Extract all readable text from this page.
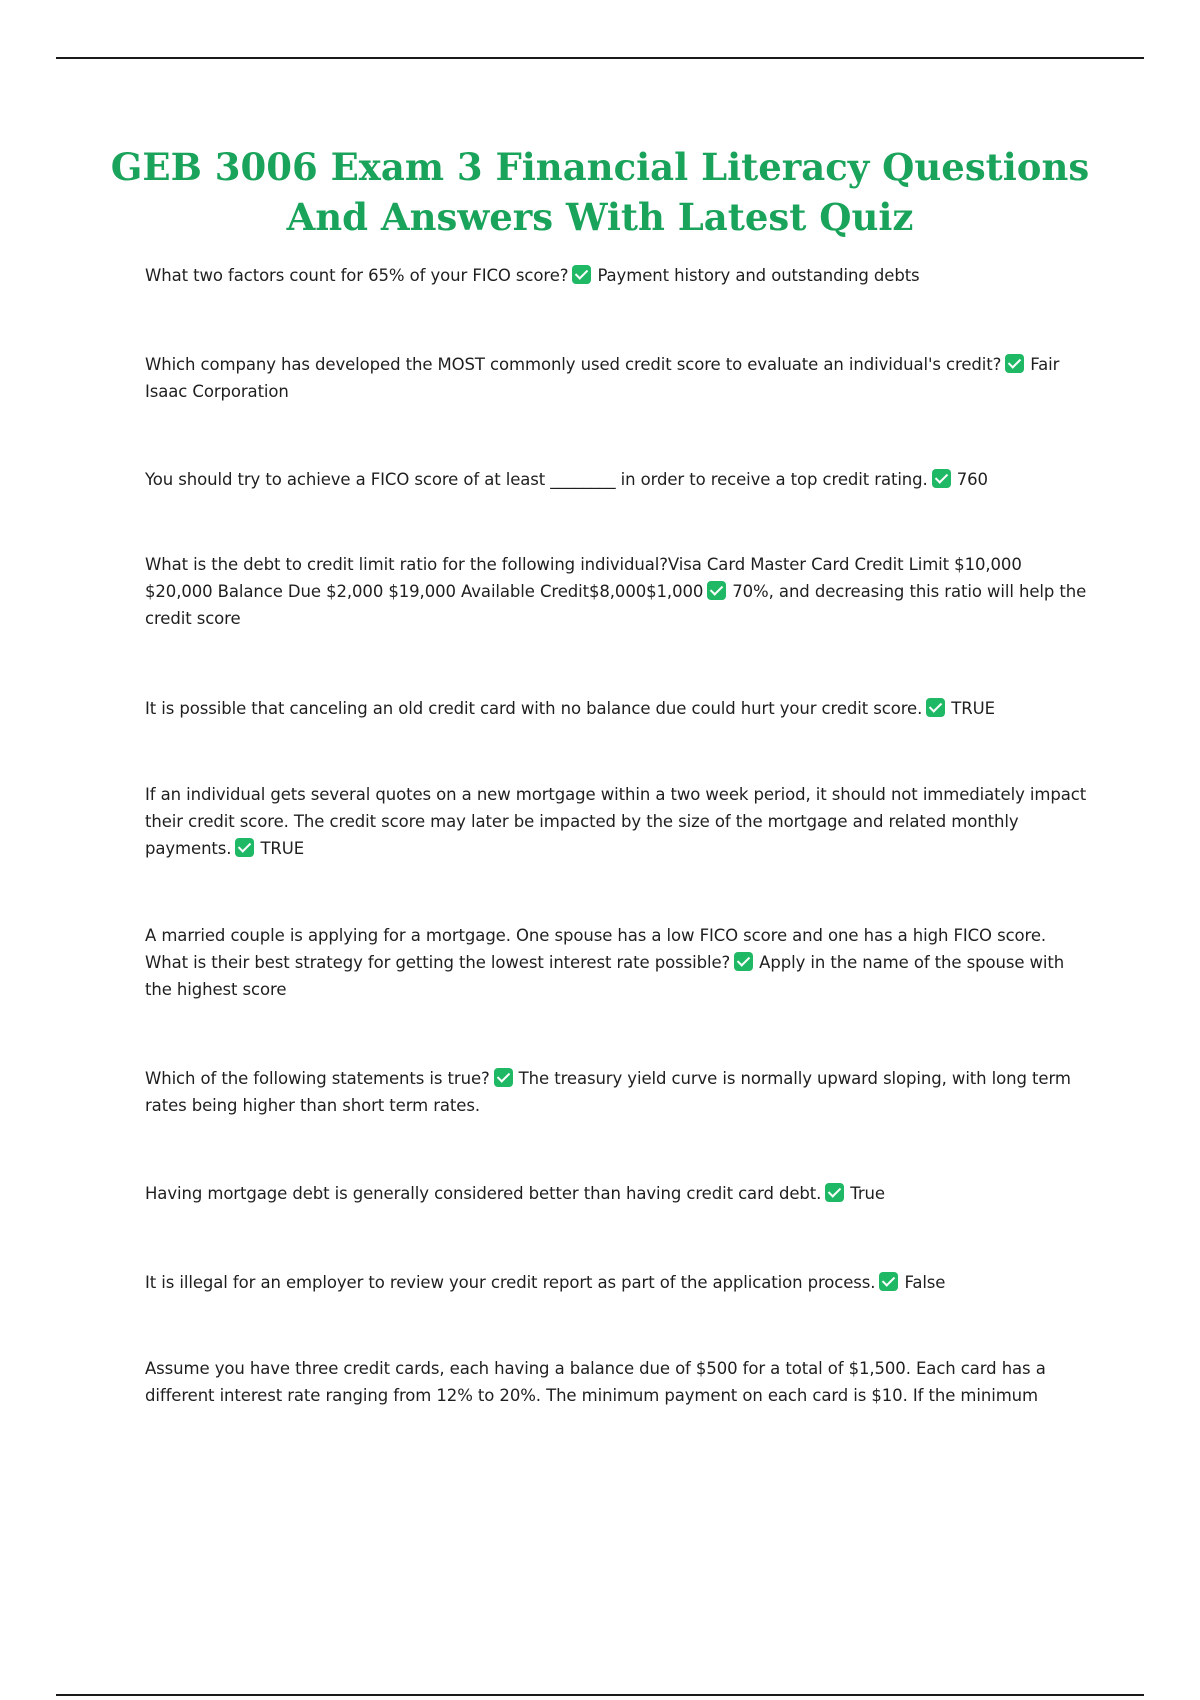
GEB 3006 Exam 3 Financial Literacy Questions And Answers With Latest Quiz

What two factors count for 65% of your FICO score? Payment history and outstanding debts

Which company has developed the MOST commonly used credit score to evaluate an individual's credit? Fair Isaac Corporation

You should try to achieve a FICO score of at least ________ in order to receive a top credit rating. 760

What is the debt to credit limit ratio for the following individual?Visa Card Master Card Credit Limit $10,000 $20,000 Balance Due $2,000 $19,000 Available Credit$8,000$1,000 70%, and decreasing this ratio will help the credit score

It is possible that canceling an old credit card with no balance due could hurt your credit score. TRUE

If an individual gets several quotes on a new mortgage within a two week period, it should not immediately impact their credit score. The credit score may later be impacted by the size of the mortgage and related monthly payments. TRUE

A married couple is applying for a mortgage. One spouse has a low FICO score and one has a high FICO score. What is their best strategy for getting the lowest interest rate possible? Apply in the name of the spouse with the highest score

Which of the following statements is true? The treasury yield curve is normally upward sloping, with long term rates being higher than short term rates.

Having mortgage debt is generally considered better than having credit card debt. True

It is illegal for an employer to review your credit report as part of the application process. False

Assume you have three credit cards, each having a balance due of $500 for a total of $1,500. Each card has a different interest rate ranging from 12% to 20%. The minimum payment on each card is $10. If the minimum
